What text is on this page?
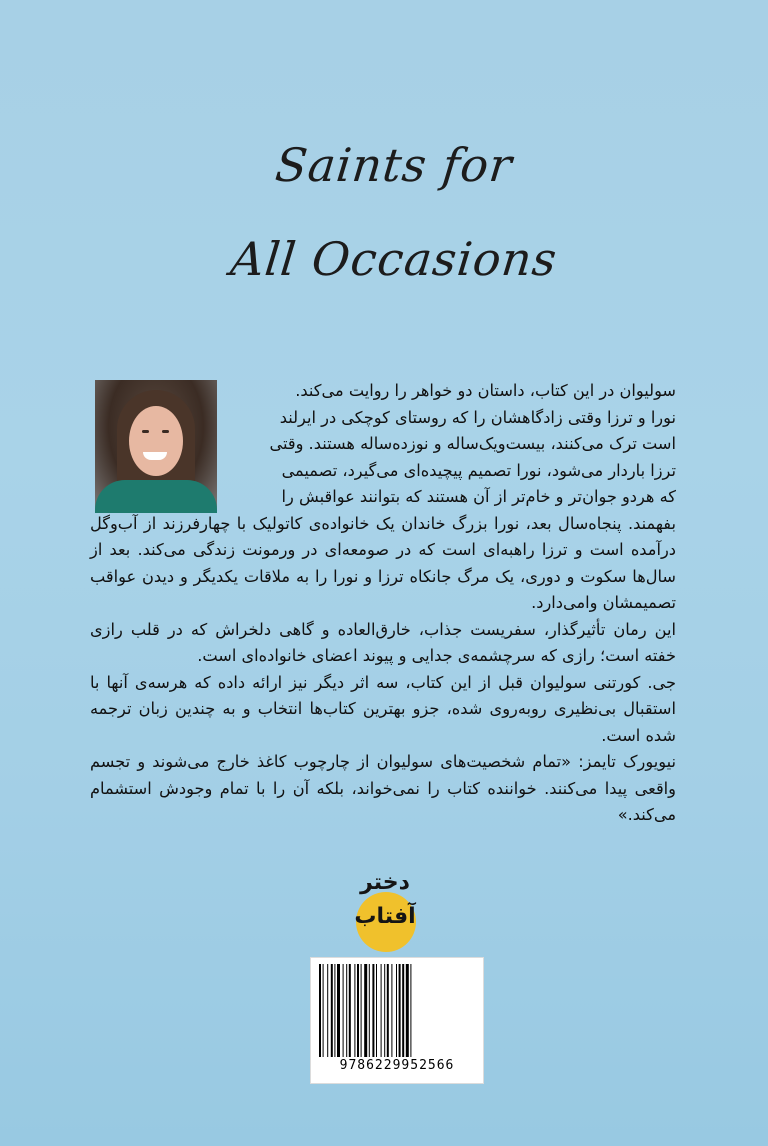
Saints for
All Occasions
سولیوان در این کتاب، داستان دو خواهر را روایت می‌کند.
نورا و ترزا وقتی زادگاهشان را که روستای کوچکی در ایرلند
است ترک می‌کنند، بیست‌ویک‌ساله و نوزده‌ساله هستند. وقتی
ترزا باردار می‌شود، نورا تصمیم پیچیده‌ای می‌گیرد، تصمیمی
که هردو جوان‌تر و خام‌تر از آن هستند که بتوانند عواقبش را

بفهمند. پنجاه‌سال بعد، نورا بزرگ خاندان یک خانواده‌ی کاتولیک با چهارفرزند از آب‌وگل درآمده است و ترزا راهبه‌ای است که در صومعه‌ای در ورمونت زندگی می‌کند. بعد از سال‌ها سکوت و دوری، یک مرگ جانکاه ترزا و نورا را به ملاقات یکدیگر و دیدن عواقب تصمیمشان وامی‌دارد.

این رمان تأثیرگذار، سفریست جذاب، خارق‌العاده و گاهی دلخراش که در قلب رازی خفته است؛ رازی که سرچشمه‌ی جدایی و پیوند اعضای خانواده‌ای است.

جی. کورتنی سولیوان قبل از این کتاب، سه اثر دیگر نیز ارائه داده که هرسه‌ی آنها با استقبال بی‌نظیری روبه‌روی شده، جزو بهترین کتاب‌ها انتخاب و به چندین زبان ترجمه شده است.

نیویورک تایمز: «تمام شخصیت‌های سولیوان از چارچوب کاغذ خارج می‌شوند و تجسم واقعی پیدا می‌کنند. خواننده کتاب را نمی‌خواند، بلکه آن را با تمام وجودش استشمام می‌کند.»

دختر
آفتاب
9786229952566
